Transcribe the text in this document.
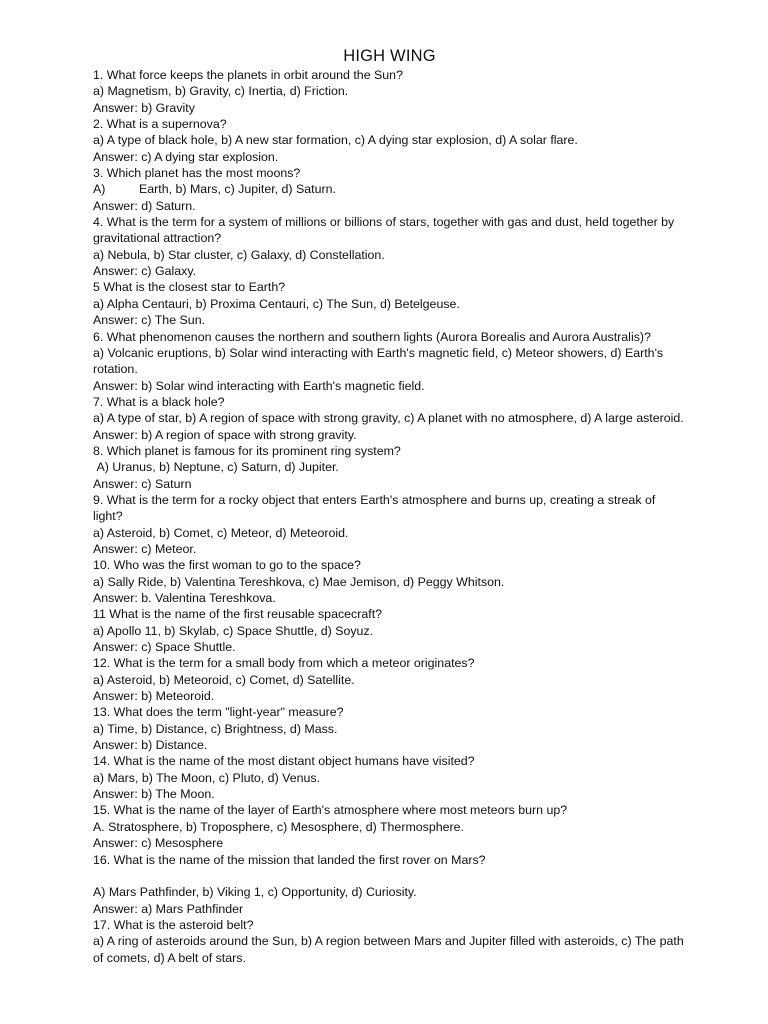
HIGH WING

1. What force keeps the planets in orbit around the Sun?

a) Magnetism, b) Gravity, c) Inertia, d) Friction.

Answer: b) Gravity

2. What is a supernova?

a) A type of black hole, b) A new star formation, c) A dying star explosion, d) A solar flare.

Answer: c) A dying star explosion.

3. Which planet has the most moons?

A)	Earth, b) Mars, c) Jupiter, d) Saturn.

Answer: d) Saturn.

4. What is the term for a system of millions or billions of stars, together with gas and dust, held together by gravitational attraction?

a) Nebula, b) Star cluster, c) Galaxy, d) Constellation.

Answer: c) Galaxy.

5 What is the closest star to Earth?

a) Alpha Centauri, b) Proxima Centauri, c) The Sun, d) Betelgeuse.

Answer: c) The Sun.

6. What phenomenon causes the northern and southern lights (Aurora Borealis and Aurora Australis)?

a) Volcanic eruptions, b) Solar wind interacting with Earth's magnetic field, c) Meteor showers, d) Earth's rotation.

Answer: b) Solar wind interacting with Earth's magnetic field.

7. What is a black hole?

a) A type of star, b) A region of space with strong gravity, c) A planet with no atmosphere, d) A large asteroid.

Answer: b) A region of space with strong gravity.

8. Which planet is famous for its prominent ring system?

A) Uranus, b) Neptune, c) Saturn, d) Jupiter.

Answer: c) Saturn

9. What is the term for a rocky object that enters Earth's atmosphere and burns up, creating a streak of light?

a) Asteroid, b) Comet, c) Meteor, d) Meteoroid.

Answer: c) Meteor.

10. Who was the first woman to go to the space?

a) Sally Ride, b) Valentina Tereshkova, c) Mae Jemison, d) Peggy Whitson.

Answer: b. Valentina Tereshkova.

11 What is the name of the first reusable spacecraft?

a) Apollo 11, b) Skylab, c) Space Shuttle, d) Soyuz.

Answer: c) Space Shuttle.

12. What is the term for a small body from which a meteor originates?

a) Asteroid, b) Meteoroid, c) Comet, d) Satellite.

Answer: b) Meteoroid.

13. What does the term "light-year" measure?

a) Time, b) Distance, c) Brightness, d) Mass.

Answer: b) Distance.

14. What is the name of the most distant object humans have visited?

a) Mars, b) The Moon, c) Pluto, d) Venus.

Answer: b) The Moon.

15. What is the name of the layer of Earth's atmosphere where most meteors burn up?

A. Stratosphere, b) Troposphere, c) Mesosphere, d) Thermosphere.

Answer: c) Mesosphere

16. What is the name of the mission that landed the first rover on Mars?

A) Mars Pathfinder, b) Viking 1, c) Opportunity, d) Curiosity.

Answer: a) Mars Pathfinder

17. What is the asteroid belt?

a) A ring of asteroids around the Sun, b) A region between Mars and Jupiter filled with asteroids, c) The path of comets, d) A belt of stars.
